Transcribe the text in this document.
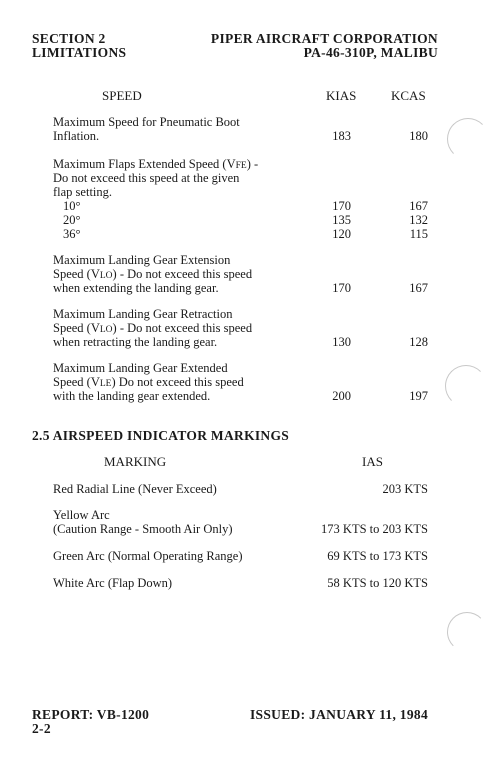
SECTION 2
LIMITATIONS
PIPER AIRCRAFT CORPORATION
PA-46-310P, MALIBU
SPEED	KIAS	KCAS
Maximum Speed for Pneumatic Boot
Inflation.	183	180
Maximum Flaps Extended Speed (VFE) -
Do not exceed this speed at the given
flap setting.
10°	170	167
20°	135	132
36°	120	115
Maximum Landing Gear Extension
Speed (VLO) - Do not exceed this speed
when extending the landing gear.	170	167
Maximum Landing Gear Retraction
Speed (VLO) - Do not exceed this speed
when retracting the landing gear.	130	128
Maximum Landing Gear Extended
Speed (VLE) Do not exceed this speed
with the landing gear extended.	200	197
2.5 AIRSPEED INDICATOR MARKINGS
MARKING	IAS
Red Radial Line (Never Exceed)	203 KTS
Yellow Arc
(Caution Range - Smooth Air Only)	173 KTS to 203 KTS
Green Arc (Normal Operating Range)	69 KTS to 173 KTS
White Arc (Flap Down)	58 KTS to 120 KTS
REPORT: VB-1200
2-2
ISSUED: JANUARY 11, 1984
